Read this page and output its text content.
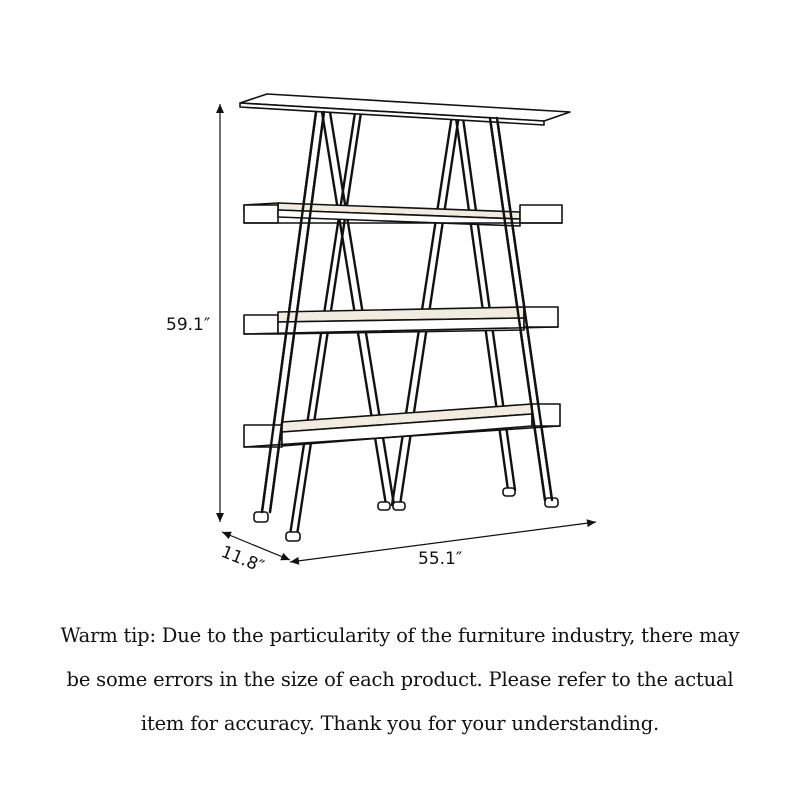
59.1″
11.8″	55.1″
Warm tip: Due to the particularity of the furniture industry, there may
be some errors in the size of each product. Please refer to the actual
item for accuracy. Thank you for your understanding.
